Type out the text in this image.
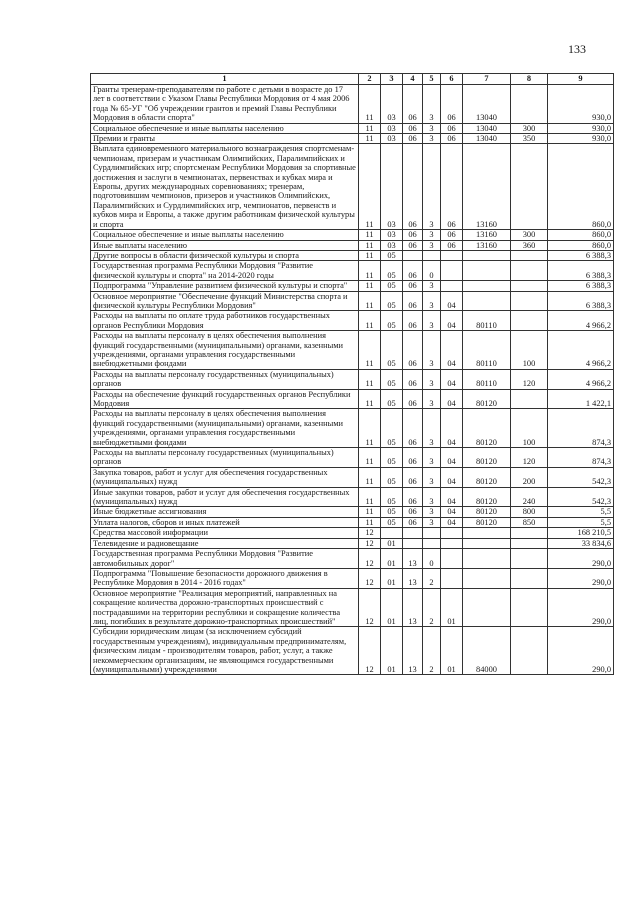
133
1	2	3	4	5	6	7	8	9
Гранты тренерам-преподавателям по работе с детьми в возрасте до 17 лет в соответствии с Указом Главы Республики Мордовия от 4 мая 2006 года № 65-УГ "Об учреждении грантов и премий Главы Республики Мордовия в области спорта"	11	03	06	3	06	13040		930,0
Социальное обеспечение и иные выплаты населению	11	03	06	3	06	13040	300	930,0
Премии и гранты	11	03	06	3	06	13040	350	930,0
Выплата единовременного материального вознаграждения спортсменам-чемпионам, призерам и участникам Олимпийских, Паралимпийских и Сурдлимпийских игр; спортсменам Республики Мордовия за спортивные достижения и заслуги в чемпионатах, первенствах и кубках мира и Европы, других международных соревнованиях; тренерам, подготовившим чемпионов, призеров и участников Олимпийских, Паралимпийских и Сурдлимпийских игр, чемпионатов, первенств и кубков мира и Европы, а также другим работникам физической культуры и спорта	11	03	06	3	06	13160		860,0
Социальное обеспечение и иные выплаты населению	11	03	06	3	06	13160	300	860,0
Иные выплаты населению	11	03	06	3	06	13160	360	860,0
Другие вопросы в области физической культуры и спорта	11	05						6 388,3
Государственная программа Республики Мордовия "Развитие физической культуры и спорта" на 2014-2020 годы	11	05	06	0				6 388,3
Подпрограмма "Управление развитием физической культуры и спорта"	11	05	06	3				6 388,3
Основное мероприятие "Обеспечение функций Министерства спорта и физической культуры Республики Мордовия"	11	05	06	3	04			6 388,3
Расходы на выплаты по оплате труда работников государственных органов Республики Мордовия	11	05	06	3	04	80110		4 966,2
Расходы на выплаты персоналу в целях обеспечения выполнения функций государственными (муниципальными) органами, казенными учреждениями, органами управления государственными внебюджетными фондами	11	05	06	3	04	80110	100	4 966,2
Расходы на выплаты персоналу государственных (муниципальных) органов	11	05	06	3	04	80110	120	4 966,2
Расходы на обеспечение функций государственных органов Республики Мордовия	11	05	06	3	04	80120		1 422,1
Расходы на выплаты персоналу в целях обеспечения выполнения функций государственными (муниципальными) органами, казенными учреждениями, органами управления государственными внебюджетными фондами	11	05	06	3	04	80120	100	874,3
Расходы на выплаты персоналу государственных (муниципальных) органов	11	05	06	3	04	80120	120	874,3
Закупка товаров, работ и услуг для обеспечения государственных (муниципальных) нужд	11	05	06	3	04	80120	200	542,3
Иные закупки товаров, работ и услуг для обеспечения государственных (муниципальных) нужд	11	05	06	3	04	80120	240	542,3
Иные бюджетные ассигнования	11	05	06	3	04	80120	800	5,5
Уплата налогов, сборов и иных платежей	11	05	06	3	04	80120	850	5,5
Средства массовой информации	12							168 210,5
Телевидение и радиовещание	12	01						33 834,6
Государственная программа Республики Мордовия "Развитие автомобильных дорог"	12	01	13	0				290,0
Подпрограмма "Повышение безопасности дорожного движения в Республике Мордовия в 2014 - 2016 годах"	12	01	13	2				290,0
Основное мероприятие "Реализация мероприятий, направленных на сокращение количества дорожно-транспортных происшествий с пострадавшими на территории республики и сокращение количества лиц, погибших в результате дорожно-транспортных происшествий"	12	01	13	2	01			290,0
Субсидии юридическим лицам (за исключением субсидий государственным учреждениям), индивидуальным предпринимателям, физическим лицам - производителям товаров, работ, услуг, а также некоммерческим организациям, не являющимся государственными (муниципальными) учреждениями	12	01	13	2	01	84000		290,0
